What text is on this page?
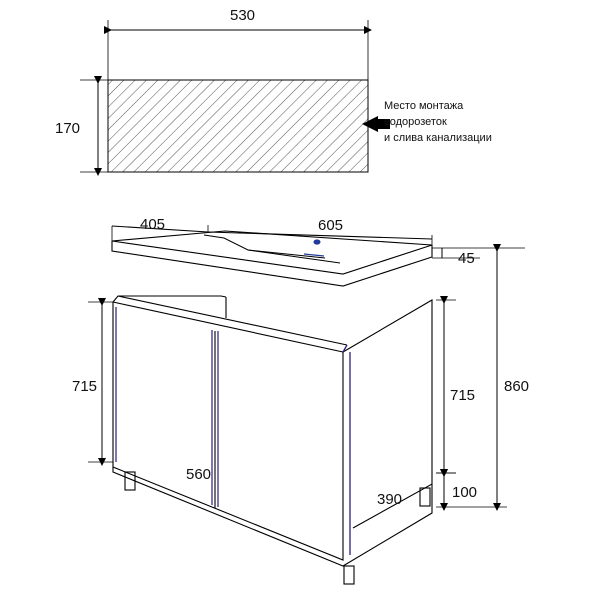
530
170
Место монтажа
водорозеток
и слива канализации
405	605
45
715
715
100
860
560
390
